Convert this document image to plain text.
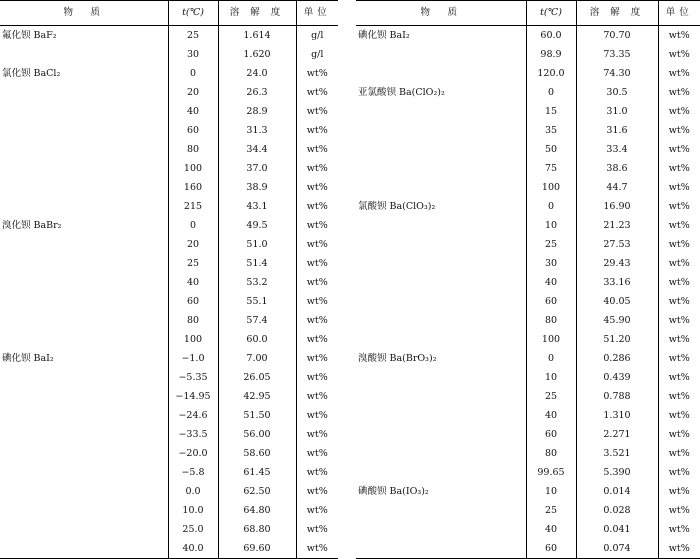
物　质	t(℃)	溶 解 度	单位
氟化钡 BaF₂	25	1.614	g/l
	30	1.620	g/l
氯化钡 BaCl₂	0	24.0	wt%
	20	26.3	wt%
	40	28.9	wt%
	60	31.3	wt%
	80	34.4	wt%
	100	37.0	wt%
	160	38.9	wt%
	215	43.1	wt%
溴化钡 BaBr₂	0	49.5	wt%
	20	51.0	wt%
	25	51.4	wt%
	40	53.2	wt%
	60	55.1	wt%
	80	57.4	wt%
	100	60.0	wt%
碘化钡 BaI₂	−1.0	7.00	wt%
	−5.35	26.05	wt%
	−14.95	42.95	wt%
	−24.6	51.50	wt%
	−33.5	56.00	wt%
	−20.0	58.60	wt%
	−5.8	61.45	wt%
	0.0	62.50	wt%
	10.0	64.80	wt%
	25.0	68.80	wt%
	40.0	69.60	wt%
物　质	t(℃)	溶 解 度	单位
碘化钡 BaI₂	60.0	70.70	wt%
	98.9	73.35	wt%
	120.0	74.30	wt%
亚氯酸钡 Ba(ClO₂)₂	0	30.5	wt%
	15	31.0	wt%
	35	31.6	wt%
	50	33.4	wt%
	75	38.6	wt%
	100	44.7	wt%
氯酸钡 Ba(ClO₃)₂	0	16.90	wt%
	10	21.23	wt%
	25	27.53	wt%
	30	29.43	wt%
	40	33.16	wt%
	60	40.05	wt%
	80	45.90	wt%
	100	51.20	wt%
溴酸钡 Ba(BrO₃)₂	0	0.286	wt%
	10	0.439	wt%
	25	0.788	wt%
	40	1.310	wt%
	60	2.271	wt%
	80	3.521	wt%
	99.65	5.390	wt%
碘酸钡 Ba(IO₃)₂	10	0.014	wt%
	25	0.028	wt%
	40	0.041	wt%
	60	0.074	wt%
